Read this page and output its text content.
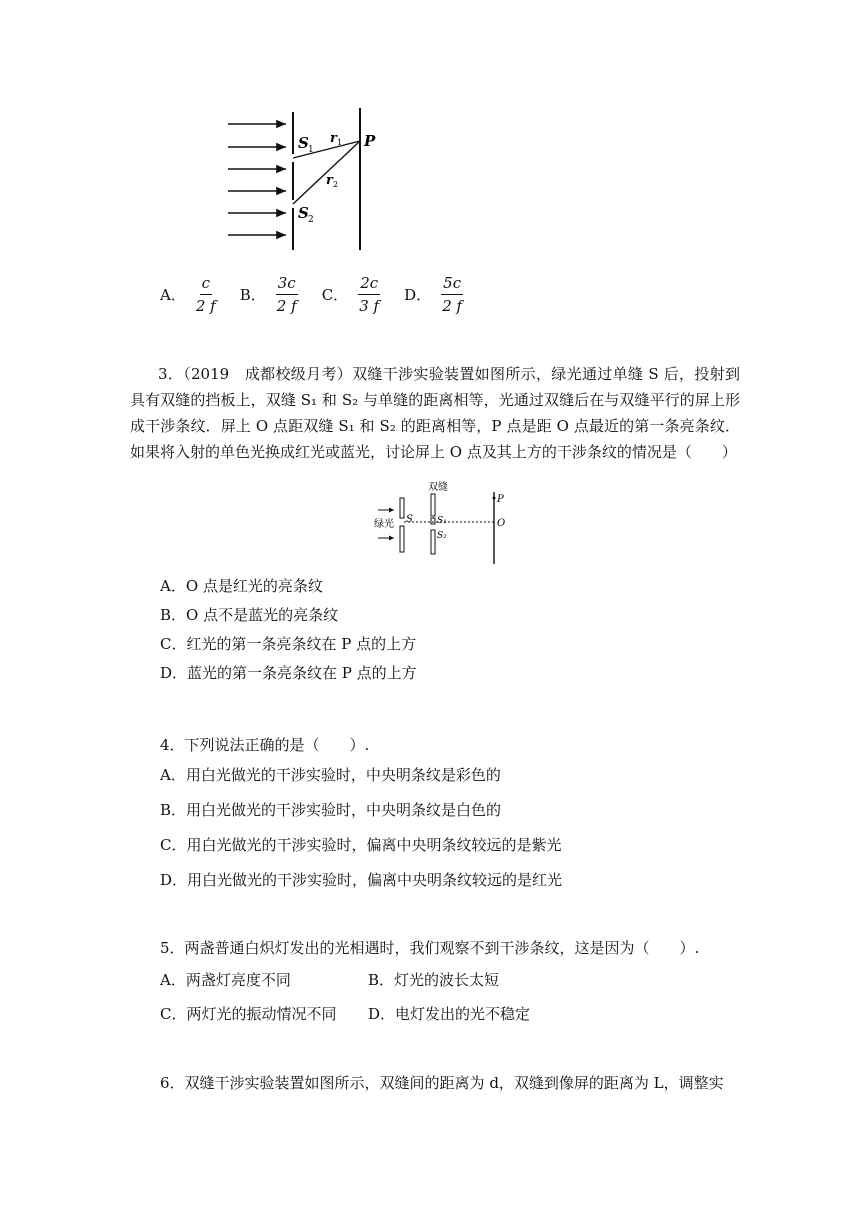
S 1
S 2
r 1
r 2
P
A． $\frac{c}{2 f}$ B． $\frac{3c}{2 f}$ C． $\frac{2c}{3 f}$ D． $\frac{5c}{2 f}$
3．（2019　成都校级月考）双缝干涉实验装置如图所示，绿光通过单缝 S 后，投射到具有双缝的挡板上，双缝 S₁ 和 S₂ 与单缝的距离相等，光通过双缝后在与双缝平行的屏上形成干涉条纹．屏上 O 点距双缝 S₁ 和 S₂ 的距离相等，P 点是距 O 点最近的第一条亮条纹．如果将入射的单色光换成红光或蓝光，讨论屏上 O 点及其上方的干涉条纹的情况是（　　）
双缝
绿光 S	S₁
S₂
P
O
A．O 点是红光的亮条纹
B．O 点不是蓝光的亮条纹
C．红光的第一条亮条纹在 P 点的上方
D．蓝光的第一条亮条纹在 P 点的上方
4．下列说法正确的是（　　）.
A．用白光做光的干涉实验时，中央明条纹是彩色的
B．用白光做光的干涉实验时，中央明条纹是白色的
C．用白光做光的干涉实验时，偏离中央明条纹较远的是紫光
D．用白光做光的干涉实验时，偏离中央明条纹较远的是红光
5．两盏普通白炽灯发出的光相遇时，我们观察不到干涉条纹，这是因为（　　）.
A．两盏灯亮度不同	B．灯光的波长太短
C．两灯光的振动情况不同 D．电灯发出的光不稳定
6．双缝干涉实验装置如图所示，双缝间的距离为 d，双缝到像屏的距离为 L，调整实
